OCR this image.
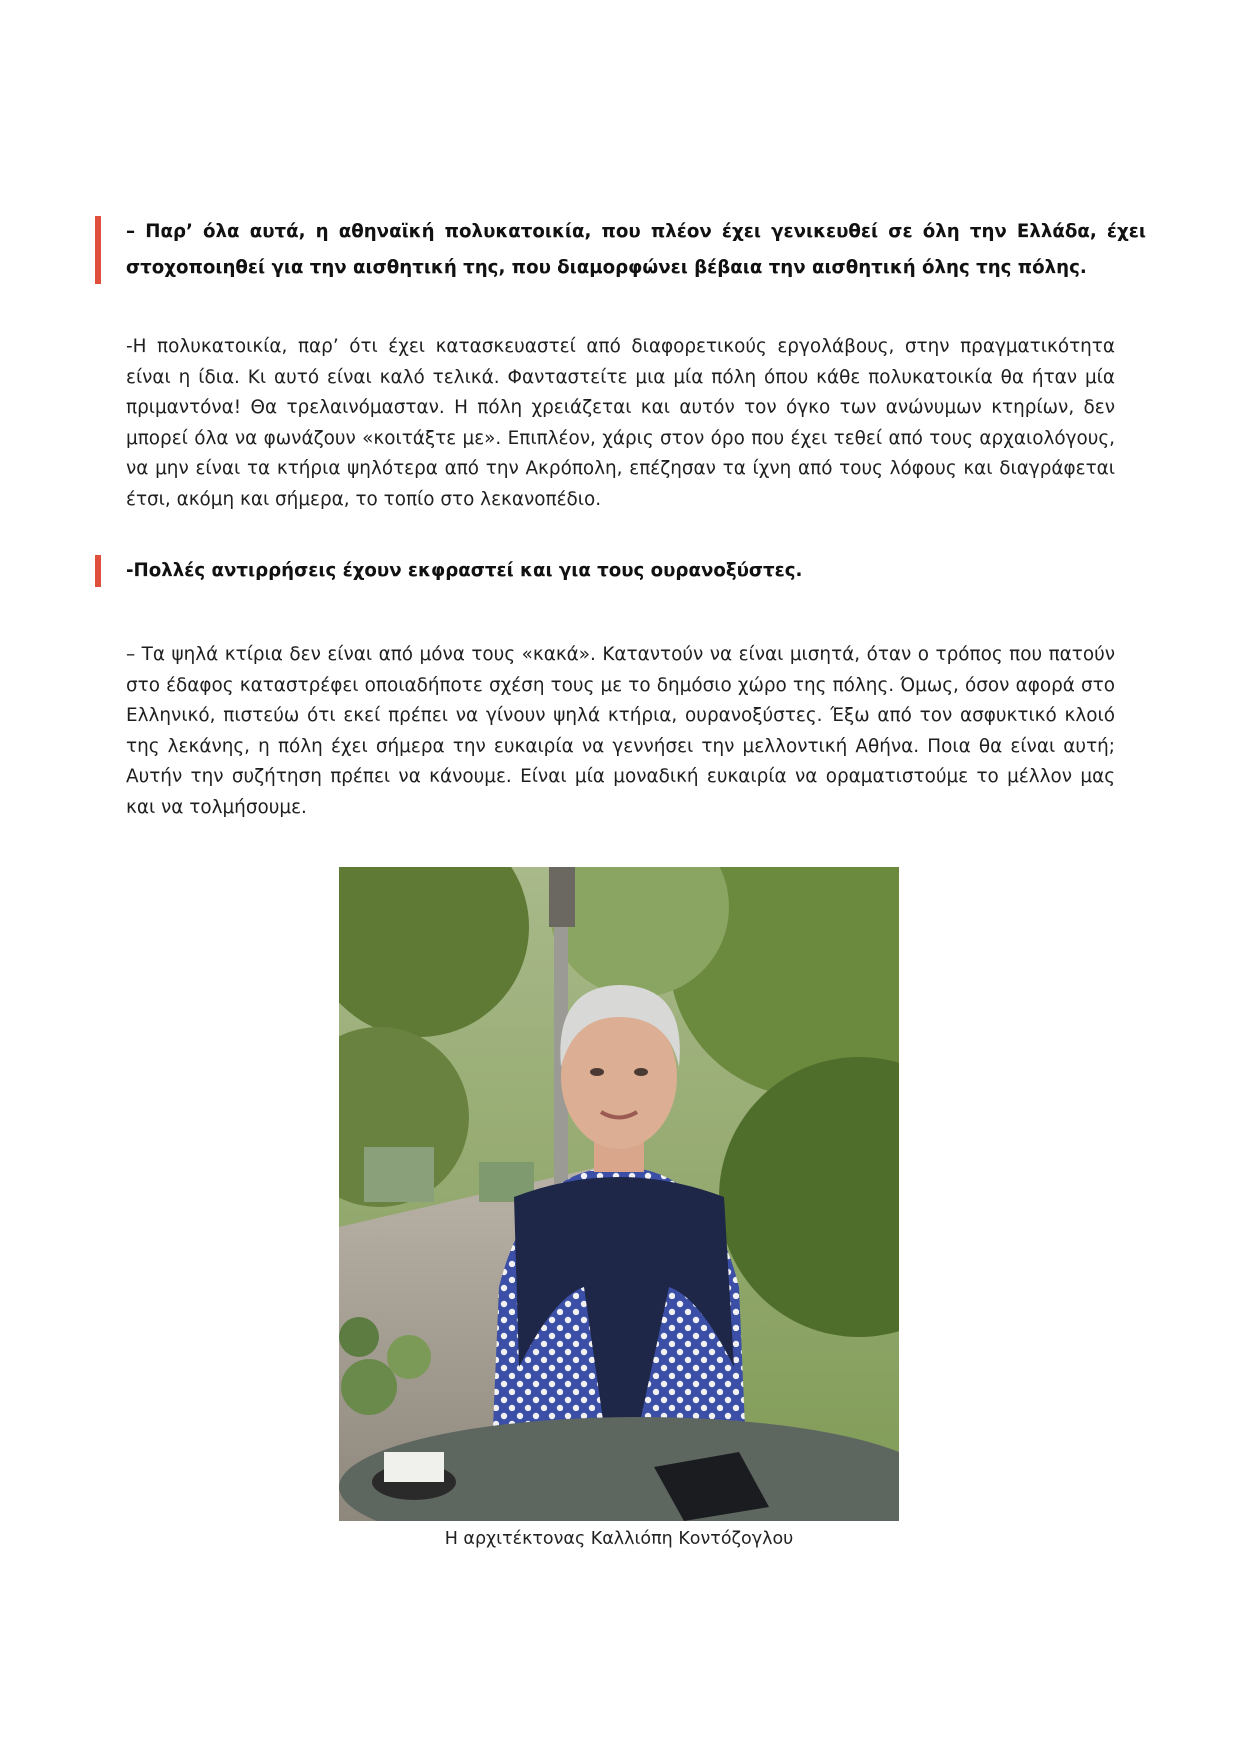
– Παρ’ όλα αυτά, η αθηναϊκή πολυκατοικία, που πλέον έχει γενικευθεί σε όλη την Ελλάδα, έχει στοχοποιηθεί για την αισθητική της, που διαμορφώνει βέβαια την αισθητική όλης της πόλης.
-Η πολυκατοικία, παρ’ ότι έχει κατασκευαστεί από διαφορετικούς εργολάβους, στην πραγματικότητα είναι η ίδια. Κι αυτό είναι καλό τελικά. Φανταστείτε μια μία πόλη όπου κάθε πολυκατοικία θα ήταν μία πριμαντόνα! Θα τρελαινόμασταν. Η πόλη χρειάζεται και αυτόν τον όγκο των ανώνυμων κτηρίων, δεν μπορεί όλα να φωνάζουν «κοιτάξτε με». Επιπλέον, χάρις στον όρο που έχει τεθεί από τους αρχαιολόγους, να μην είναι τα κτήρια ψηλότερα από την Ακρόπολη, επέζησαν τα ίχνη από τους λόφους και διαγράφεται έτσι, ακόμη και σήμερα, το τοπίο στο λεκανοπέδιο.
-Πολλές αντιρρήσεις έχουν εκφραστεί και για τους ουρανοξύστες.
– Τα ψηλά κτίρια δεν είναι από μόνα τους «κακά». Καταντούν να είναι μισητά, όταν ο τρόπος που πατούν στο έδαφος καταστρέφει οποιαδήποτε σχέση τους με το δημόσιο χώρο της πόλης. Όμως, όσον αφορά στο Ελληνικό, πιστεύω ότι εκεί πρέπει να γίνουν ψηλά κτήρια, ουρανοξύστες. Έξω από τον ασφυκτικό κλοιό της λεκάνης, η πόλη έχει σήμερα την ευκαιρία να γεννήσει την μελλοντική Αθήνα. Ποια θα είναι αυτή; Αυτήν την συζήτηση πρέπει να κάνουμε. Είναι μία μοναδική ευκαιρία να οραματιστούμε το μέλλον μας και να τολμήσουμε.
Η αρχιτέκτονας Καλλιόπη Κοντόζογλου
